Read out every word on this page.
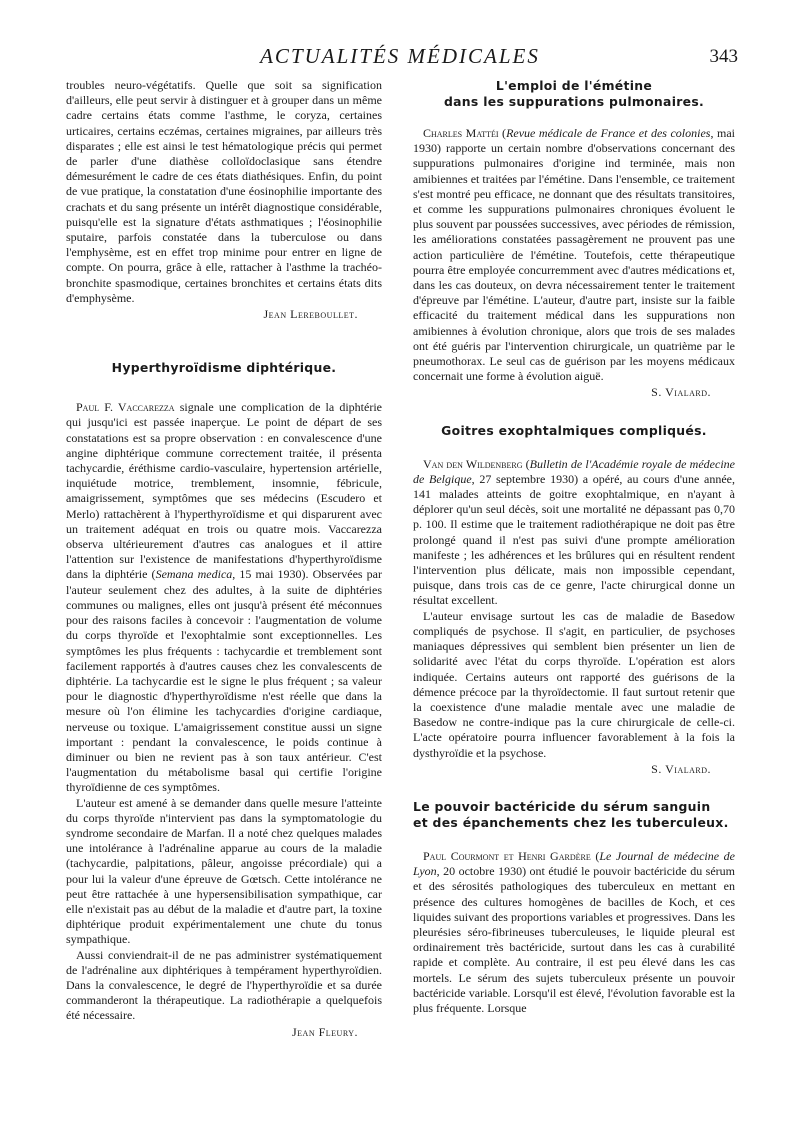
ACTUALITÉS MÉDICALES	343

troubles neuro-végétatifs. Quelle que soit sa signification d'ailleurs, elle peut servir à distinguer et à grouper dans un même cadre certains états comme l'asthme, le coryza, certaines urticaires, certains eczémas, certaines migraines, par ailleurs très disparates ; elle est ainsi le test hématologique précis qui permet de parler d'une diathèse colloïdoclasique sans étendre démesurément le cadre de ces états diathésiques. Enfin, du point de vue pratique, la constatation d'une éosinophilie importante des crachats et du sang présente un intérêt diagnostique considérable, puisqu'elle est la signature d'états asthmatiques ; l'éosinophilie sputaire, parfois constatée dans la tuberculose ou dans l'emphysème, est en effet trop minime pour entrer en ligne de compte. On pourra, grâce à elle, rattacher à l'asthme la trachéo-bronchite spasmodique, certaines bronchites et certains états dits d'emphysème.

Jean Lereboullet.
Hyperthyroïdisme diphtérique.

Paul F. Vaccarezza signale une complication de la diphtérie qui jusqu'ici est passée inaperçue. Le point de départ de ses constatations est sa propre observation : en convalescence d'une angine diphtérique commune correctement traitée, il présenta tachycardie, éréthisme cardio-vasculaire, hypertension artérielle, inquiétude motrice, tremblement, insomnie, fébricule, amaigrissement, symptômes que ses médecins (Escudero et Merlo) rattachèrent à l'hyperthyroïdisme et qui disparurent avec un traitement adéquat en trois ou quatre mois. Vaccarezza observa ultérieurement d'autres cas analogues et il attire l'attention sur l'existence de manifestations d'hyperthyroïdisme dans la diphtérie (Semana medica, 15 mai 1930). Observées par l'auteur seulement chez des adultes, à la suite de diphtéries communes ou malignes, elles ont jusqu'à présent été méconnues pour des raisons faciles à concevoir : l'augmentation de volume du corps thyroïde et l'exophtalmie sont exceptionnelles. Les symptômes les plus fréquents : tachycardie et tremblement sont facilement rapportés à d'autres causes chez les convalescents de diphtérie. La tachycardie est le signe le plus fréquent ; sa valeur pour le diagnostic d'hyperthyroïdisme n'est réelle que dans la mesure où l'on élimine les tachycardies d'origine cardiaque, nerveuse ou toxique. L'amaigrissement constitue aussi un signe important : pendant la convalescence, le poids continue à diminuer ou bien ne revient pas à son taux antérieur. C'est l'augmentation du métabolisme basal qui certifie l'origine thyroïdienne de ces symptômes.

L'auteur est amené à se demander dans quelle mesure l'atteinte du corps thyroïde n'intervient pas dans la symptomatologie du syndrome secondaire de Marfan. Il a noté chez quelques malades une intolérance à l'adrénaline apparue au cours de la maladie (tachycardie, palpitations, pâleur, angoisse précordiale) qui a pour lui la valeur d'une épreuve de Gœtsch. Cette intolérance ne peut être rattachée à une hypersensibilisation sympathique, car elle n'existait pas au début de la maladie et d'autre part, la toxine diphtérique produit expérimentalement une chute du tonus sympathique.

Aussi conviendrait-il de ne pas administrer systématiquement de l'adrénaline aux diphtériques à tempérament hyperthyroïdien. Dans la convalescence, le degré de l'hyperthyroïdie et sa durée commanderont la thérapeutique. La radiothérapie a quelquefois été nécessaire.

Jean Fleury.
L'emploi de l'émétine
dans les suppurations pulmonaires.

Charles Mattéi (Revue médicale de France et des colonies, mai 1930) rapporte un certain nombre d'observations concernant des suppurations pulmonaires d'origine ind terminée, mais non amibiennes et traitées par l'émétine. Dans l'ensemble, ce traitement s'est montré peu efficace, ne donnant que des résultats transitoires, et comme les suppurations pulmonaires chroniques évoluent le plus souvent par poussées successives, avec périodes de rémission, les améliorations constatées passagèrement ne prouvent pas une action particulière de l'émétine. Toutefois, cette thérapeutique pourra être employée concurremment avec d'autres médications et, dans les cas douteux, on devra nécessairement tenter le traitement d'épreuve par l'émétine. L'auteur, d'autre part, insiste sur la faible efficacité du traitement médical dans les suppurations non amibiennes à évolution chronique, alors que trois de ses malades ont été guéris par l'intervention chirurgicale, un quatrième par le pneumothorax. Le seul cas de guérison par les moyens médicaux concernait une forme à évolution aiguë.

S. Vialard.
Goitres exophtalmiques compliqués.

Van den Wildenberg (Bulletin de l'Académie royale de médecine de Belgique, 27 septembre 1930) a opéré, au cours d'une année, 141 malades atteints de goitre exophtalmique, en n'ayant à déplorer qu'un seul décès, soit une mortalité ne dépassant pas 0,70 p. 100. Il estime que le traitement radiothérapique ne doit pas être prolongé quand il n'est pas suivi d'une prompte amélioration manifeste ; les adhérences et les brûlures qui en résultent rendent l'intervention plus délicate, mais non impossible cependant, puisque, dans trois cas de ce genre, l'acte chirurgical donne un résultat excellent.

L'auteur envisage surtout les cas de maladie de Basedow compliqués de psychose. Il s'agit, en particulier, de psychoses maniaques dépressives qui semblent bien présenter un lien de solidarité avec l'état du corps thyroïde. L'opération est alors indiquée. Certains auteurs ont rapporté des guérisons de la démence précoce par la thyroïdectomie. Il faut surtout retenir que la coexistence d'une maladie mentale avec une maladie de Basedow ne contre-indique pas la cure chirurgicale de celle-ci. L'acte opératoire pourra influencer favorablement à la fois la dysthyroïdie et la psychose.

S. Vialard.
Le pouvoir bactéricide du sérum sanguin
et des épanchements chez les tuberculeux.

Paul Courmont et Henri Gardère (Le Journal de médecine de Lyon, 20 octobre 1930) ont étudié le pouvoir bactéricide du sérum et des sérosités pathologiques des tuberculeux en mettant en présence des cultures homogènes de bacilles de Koch, et ces liquides suivant des proportions variables et progressives. Dans les pleurésies séro-fibrineuses tuberculeuses, le liquide pleural est ordinairement très bactéricide, surtout dans les cas à curabilité rapide et complète. Au contraire, il est peu élevé dans les cas mortels. Le sérum des sujets tuberculeux présente un pouvoir bactéricide variable. Lorsqu'il est élevé, l'évolution favorable est la plus fréquente. Lorsque
